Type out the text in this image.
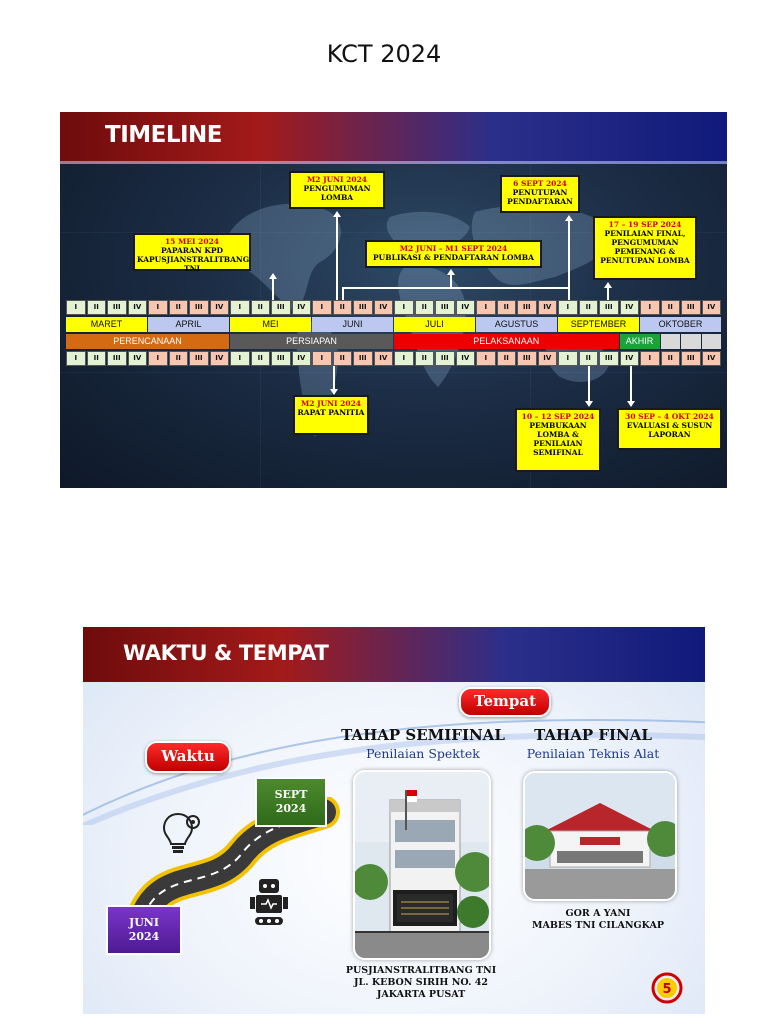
KCT 2024
TIMELINE
I	II	III	IV	I	II	III	IV	I	II	III	IV	I	II	III	IV	I	II	III	IV	I	II	III	IV	I	II	III	IV	I	II	III	IV
MARET	APRIL	MEI	JUNI	JULI	AGUSTUS	SEPTEMBER	OKTOBER
PERENCANAAN	PERSIAPAN	PELAKSANAAN	AKHIR
I	II	III	IV	I	II	III	IV	I	II	III	IV	I	II	III	IV	I	II	III	IV	I	II	III	IV	I	II	III	IV	I	II	III	IV
15 MEI 2024
PAPARAN KPD KAPUSJIANSTRALITBANG TNI
M2 JUNI 2024
PENGUMUMAN LOMBA
M2 JUNI – M1 SEPT 2024
PUBLIKASI & PENDAFTARAN LOMBA
6 SEPT 2024
PENUTUPAN PENDAFTARAN
17 – 19 SEP 2024
PENILAIAN FINAL, PENGUMUMAN PEMENANG & PENUTUPAN LOMBA
M2 JUNI 2024
RAPAT PANITIA	10 – 12 SEP 2024
PEMBUKAAN LOMBA & PENILAIAN SEMIFINAL
30 SEP – 4 OKT 2024
EVALUASI & SUSUN LAPORAN
WAKTU & TEMPAT
Tempat
Waktu
SEPT
2024
JUNI
2024
TAHAP SEMIFINAL
Penilaian Spektek
PUSJIANSTRALITBANG TNI
JL. KEBON SIRIH NO. 42
JAKARTA PUSAT
TAHAP FINAL
Penilaian Teknis Alat
GOR A YANI
MABES TNI CILANGKAP
5
